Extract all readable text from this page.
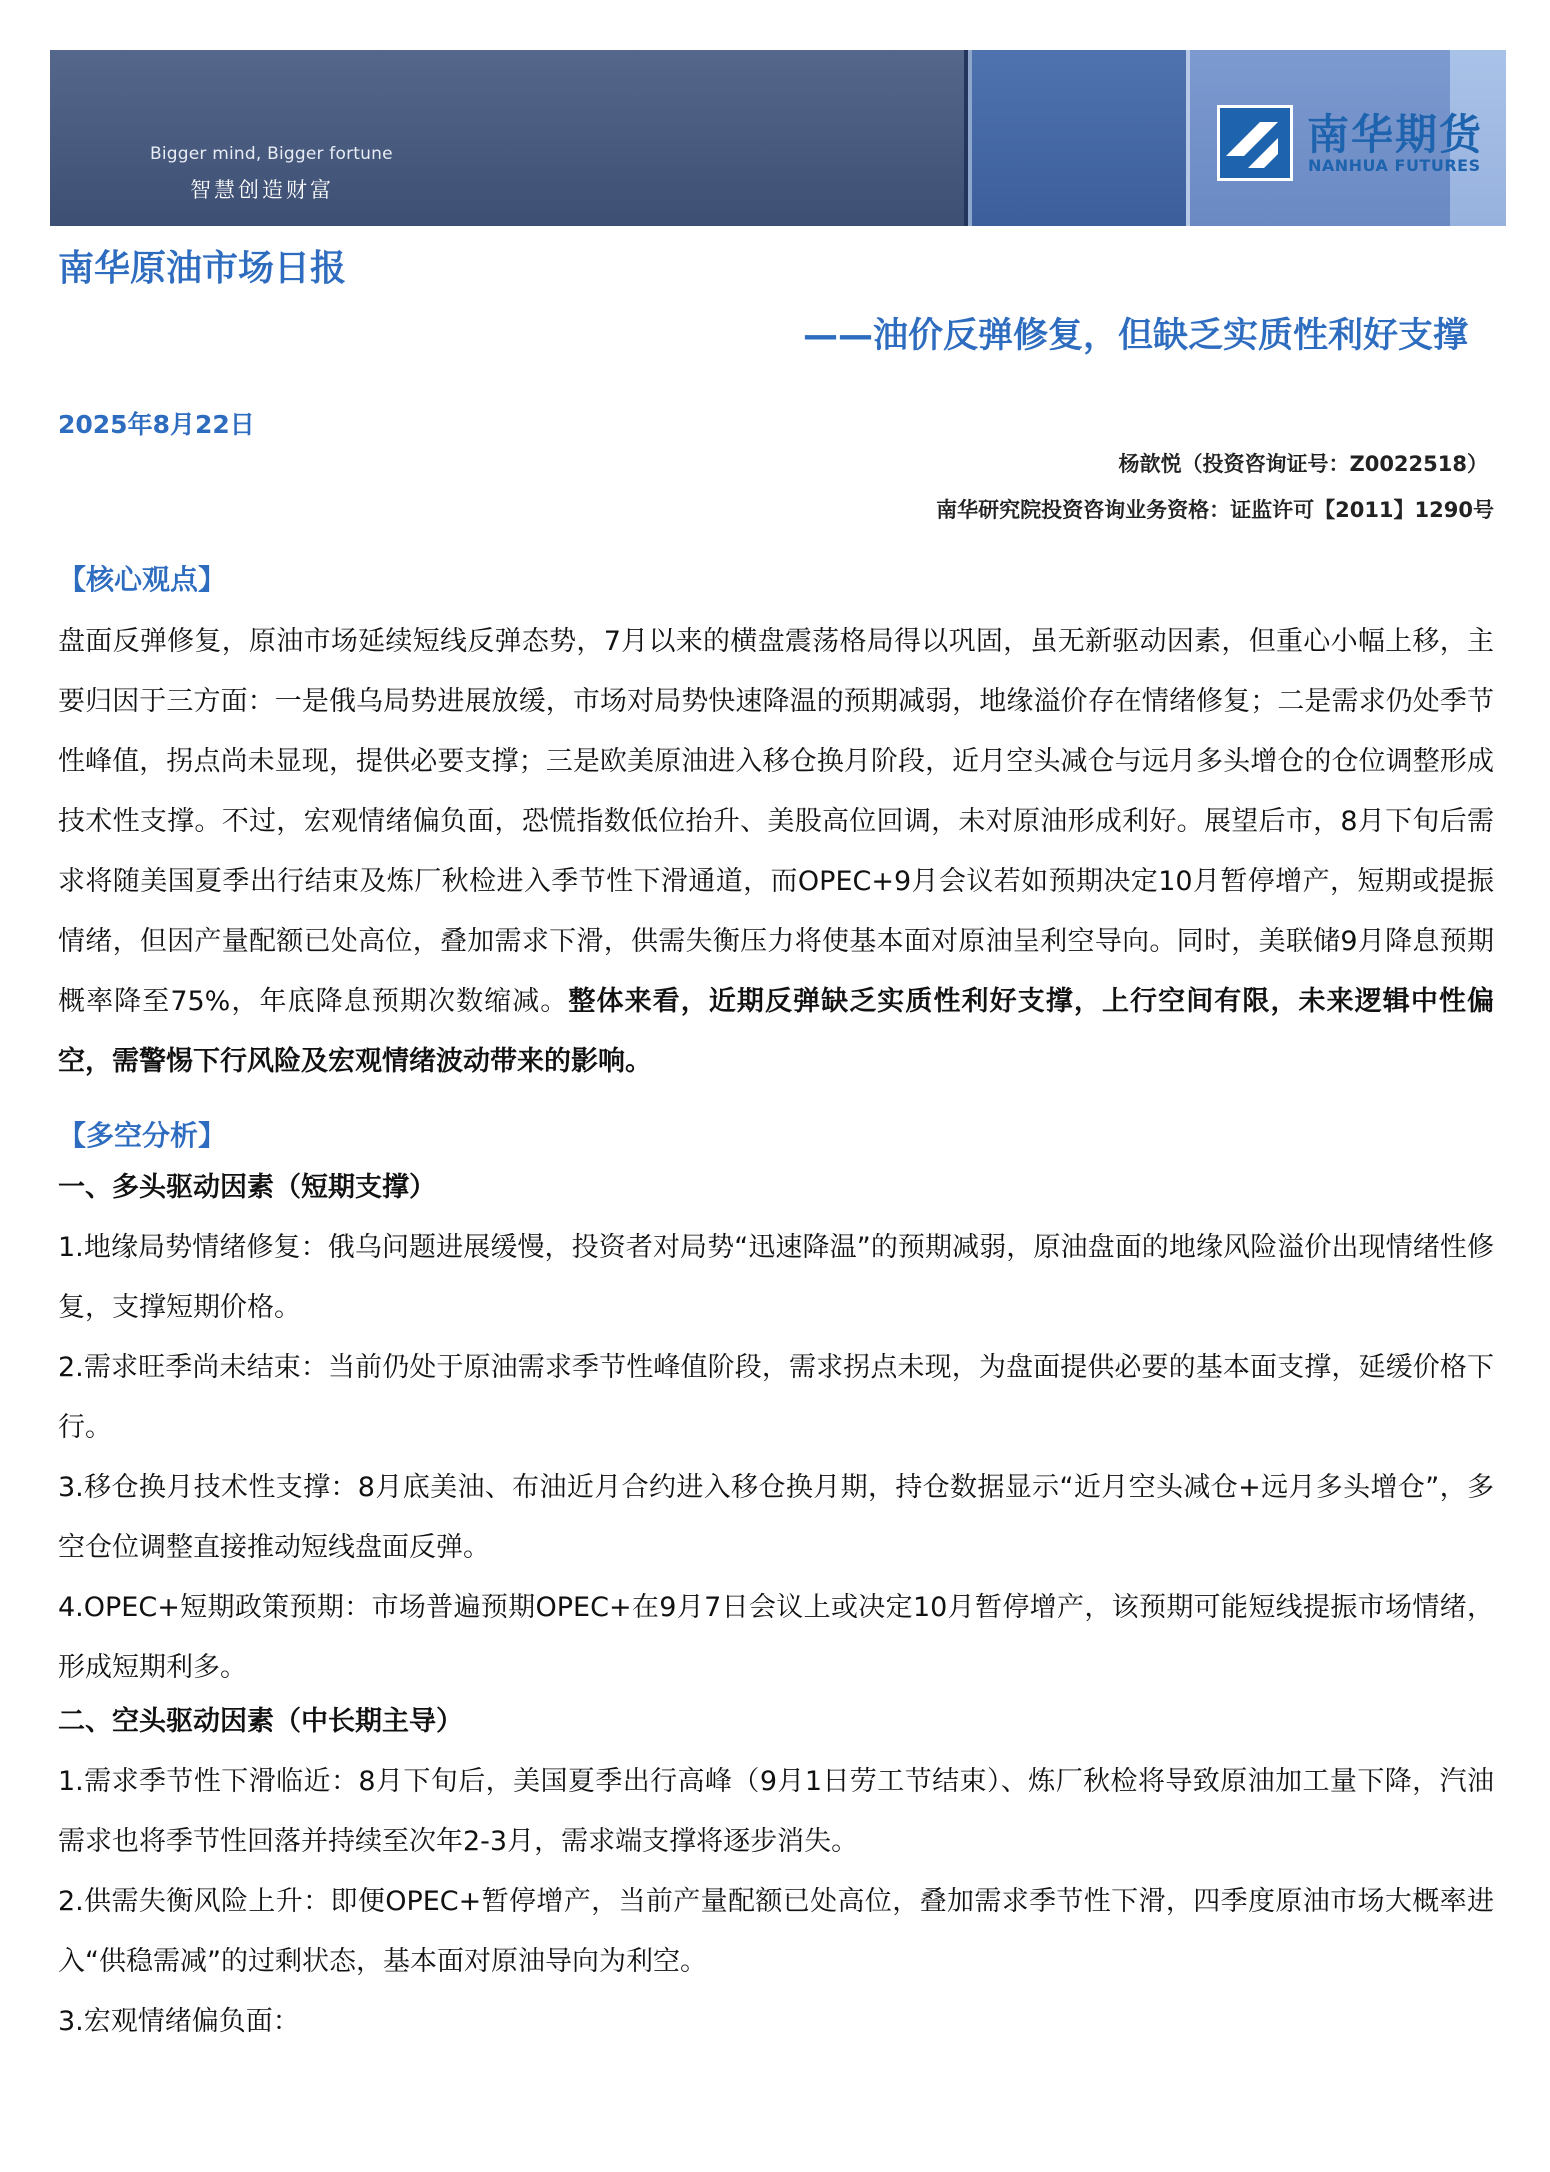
Bigger mind, Bigger fortune
智慧创造财富
南华期货
NANHUA FUTURES
南华原油市场日报
——油价反弹修复，但缺乏实质性利好支撑
2025年8月22日
杨歆悦（投资咨询证号：Z0022518）
南华研究院投资咨询业务资格：证监许可【2011】1290号
【核心观点】

盘面反弹修复，原油市场延续短线反弹态势，7月以来的横盘震荡格局得以巩固，虽无新驱动因素，但重心小幅上移，主要归因于三方面：一是俄乌局势进展放缓，市场对局势快速降温的预期减弱，地缘溢价存在情绪修复；二是需求仍处季节性峰值，拐点尚未显现，提供必要支撑；三是欧美原油进入移仓换月阶段，近月空头减仓与远月多头增仓的仓位调整形成技术性支撑。不过，宏观情绪偏负面，恐慌指数低位抬升、美股高位回调，未对原油形成利好。展望后市，8月下旬后需求将随美国夏季出行结束及炼厂秋检进入季节性下滑通道，而OPEC+9月会议若如预期决定10月暂停增产，短期或提振情绪，但因产量配额已处高位，叠加需求下滑，供需失衡压力将使基本面对原油呈利空导向。同时，美联储9月降息预期概率降至75%，年底降息预期次数缩减。整体来看，近期反弹缺乏实质性利好支撑，上行空间有限，未来逻辑中性偏空，需警惕下行风险及宏观情绪波动带来的影响。

【多空分析】
一、多头驱动因素（短期支撑）

1.地缘局势情绪修复：俄乌问题进展缓慢，投资者对局势“迅速降温”的预期减弱，原油盘面的地缘风险溢价出现情绪性修复，支撑短期价格。

2.需求旺季尚未结束：当前仍处于原油需求季节性峰值阶段，需求拐点未现，为盘面提供必要的基本面支撑，延缓价格下行。

3.移仓换月技术性支撑：8月底美油、布油近月合约进入移仓换月期，持仓数据显示“近月空头减仓+远月多头增仓”，多空仓位调整直接推动短线盘面反弹。

4.OPEC+短期政策预期：市场普遍预期OPEC+在9月7日会议上或决定10月暂停增产，该预期可能短线提振市场情绪，形成短期利多。

二、空头驱动因素（中长期主导）

1.需求季节性下滑临近：8月下旬后，美国夏季出行高峰（9月1日劳工节结束）、炼厂秋检将导致原油加工量下降，汽油需求也将季节性回落并持续至次年2-3月，需求端支撑将逐步消失。

2.供需失衡风险上升：即便OPEC+暂停增产，当前产量配额已处高位，叠加需求季节性下滑，四季度原油市场大概率进入“供稳需减”的过剩状态，基本面对原油导向为利空。

3.宏观情绪偏负面：
